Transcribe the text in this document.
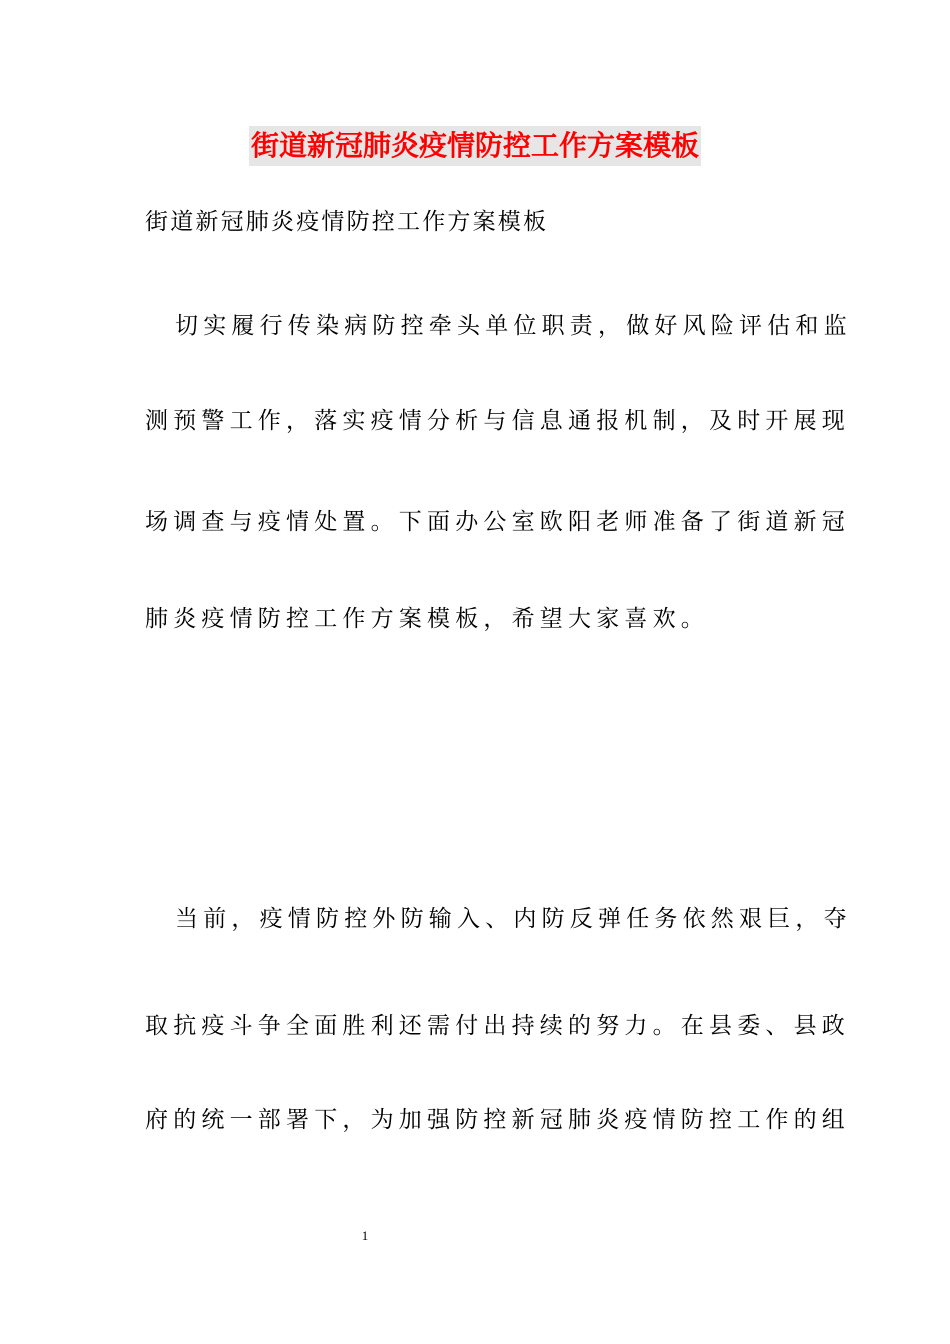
街道新冠肺炎疫情防控工作方案模板
街道新冠肺炎疫情防控工作方案模板
切实履行传染病防控牵头单位职责，做好风险评估和监
测预警工作，落实疫情分析与信息通报机制，及时开展现
场调查与疫情处置。下面办公室欧阳老师准备了街道新冠
肺炎疫情防控工作方案模板，希望大家喜欢。
当前，疫情防控外防输入、内防反弹任务依然艰巨，夺
取抗疫斗争全面胜利还需付出持续的努力。在县委、县政
府的统一部署下，为加强防控新冠肺炎疫情防控工作的组
1
